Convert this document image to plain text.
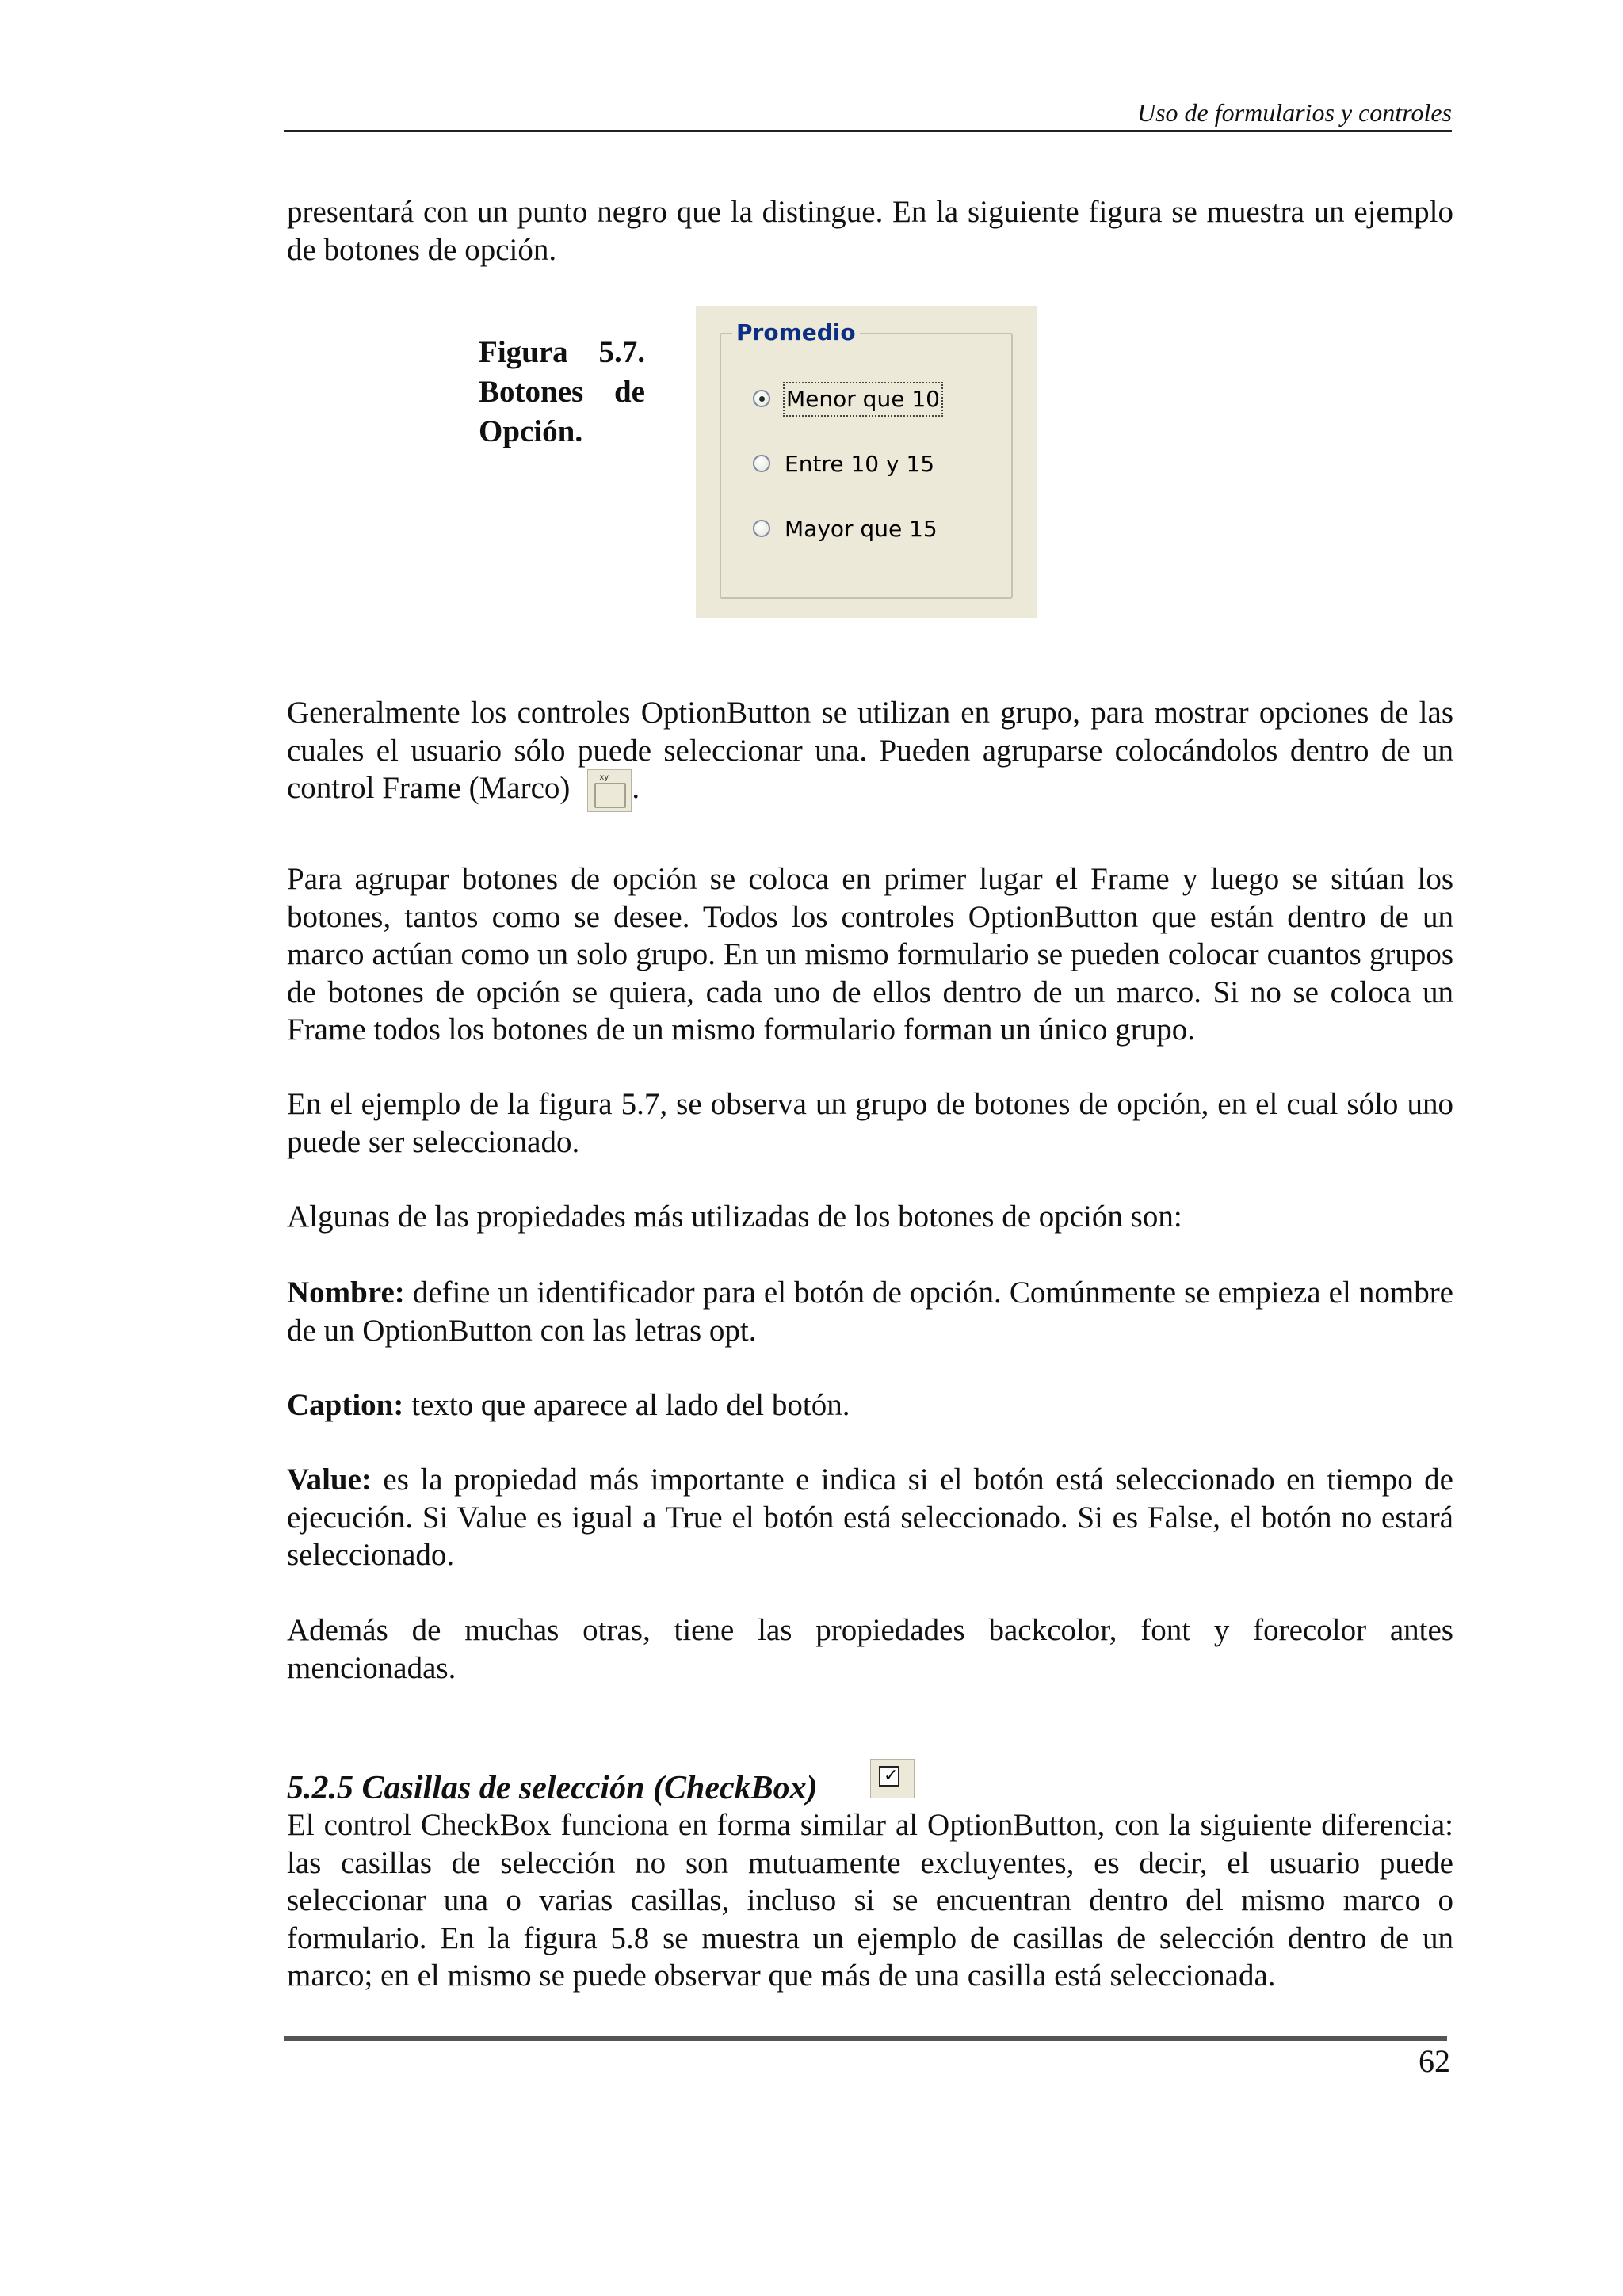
Uso de formularios y controles

presentará con un punto negro que la distingue. En la siguiente figura se muestra un ejemplo de botones de opción.

Figura 5.7.
Botones de
Opción.
Promedio
Menor que 10
Entre 10 y 15
Mayor que 15

Generalmente los controles OptionButton se utilizan en grupo, para mostrar opciones de las cuales el usuario sólo puede seleccionar una. Pueden agruparse colocándolos dentro de un control Frame (Marco)	xy .

Para agrupar botones de opción se coloca en primer lugar el Frame y luego se sitúan los botones, tantos como se desee. Todos los controles OptionButton que están dentro de un marco actúan como un solo grupo. En un mismo formulario se pueden colocar cuantos grupos de botones de opción se quiera, cada uno de ellos dentro de un marco. Si no se coloca un Frame todos los botones de un mismo formulario forman un único grupo.

En el ejemplo de la figura 5.7, se observa un grupo de botones de opción, en el cual sólo uno puede ser seleccionado.

Algunas de las propiedades más utilizadas de los botones de opción son:

Nombre: define un identificador para el botón de opción. Comúnmente se empieza el nombre de un OptionButton con las letras opt.

Caption: texto que aparece al lado del botón.

Value: es la propiedad más importante e indica si el botón está seleccionado en tiempo de ejecución. Si Value es igual a True el botón está seleccionado. Si es False, el botón no estará seleccionado.

Además de muchas otras, tiene las propiedades backcolor, font y forecolor antes mencionadas.

5.2.5 Casillas de selección (CheckBox)	✓

El control CheckBox funciona en forma similar al OptionButton, con la siguiente diferencia: las casillas de selección no son mutuamente excluyentes, es decir, el usuario puede seleccionar una o varias casillas, incluso si se encuentran dentro del mismo marco o formulario. En la figura 5.8 se muestra un ejemplo de casillas de selección dentro de un marco; en el mismo se puede observar que más de una casilla está seleccionada.

62
